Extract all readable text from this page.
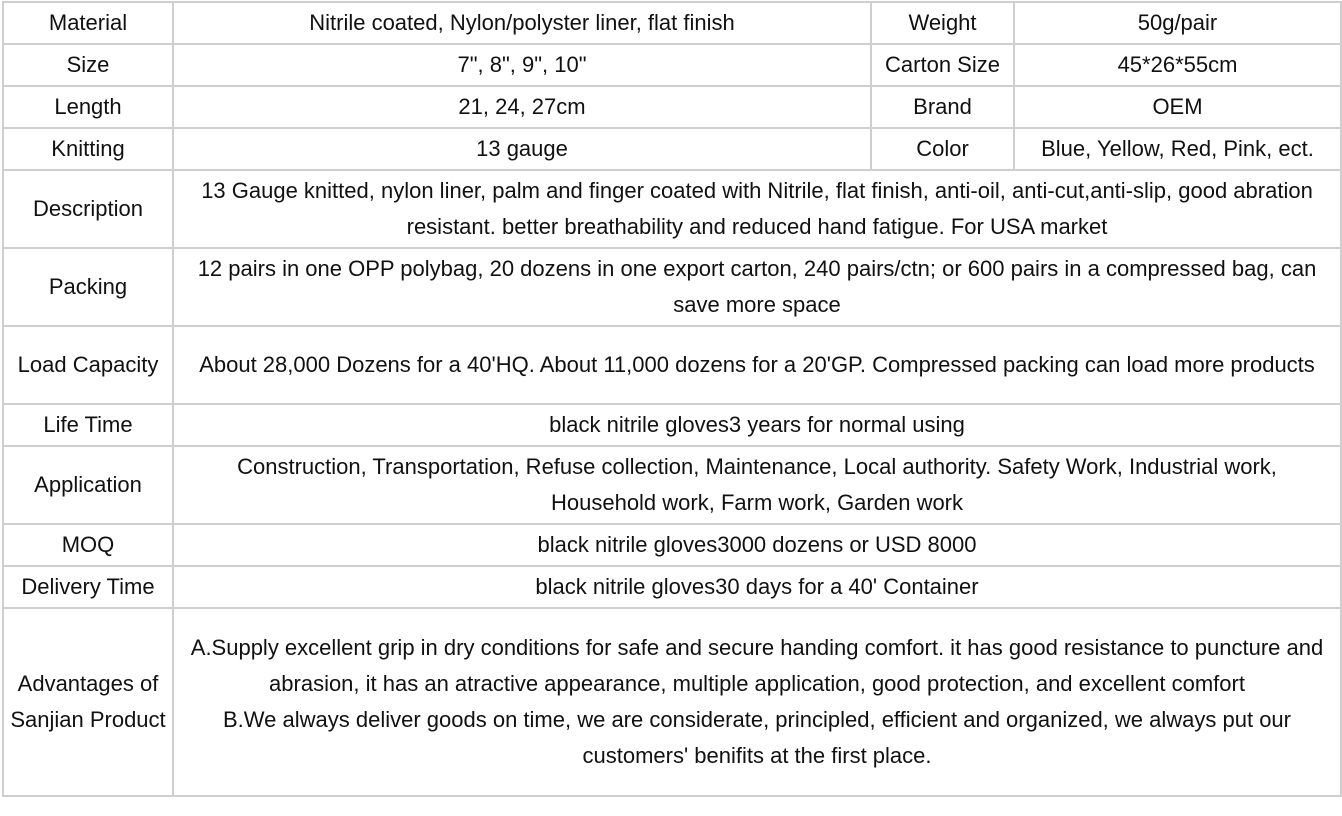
Material	Nitrile coated, Nylon/polyster liner, flat finish	Weight	50g/pair
Size	7", 8", 9", 10"	Carton Size	45*26*55cm
Length	21, 24, 27cm	Brand	OEM
Knitting	13 gauge	Color	Blue, Yellow, Red, Pink, ect.
Description	13 Gauge knitted, nylon liner, palm and finger coated with Nitrile, flat finish, anti-oil, anti-cut,anti-slip, good abration resistant. better breathability and reduced hand fatigue. For USA market		
Packing	12 pairs in one OPP polybag, 20 dozens in one export carton, 240 pairs/ctn; or 600 pairs in a compressed bag, can save more space		
Load Capacity	About 28,000 Dozens for a 40'HQ. About 11,000 dozens for a 20'GP. Compressed packing can load more products		
Life Time	black nitrile gloves3 years for normal using		
Application	Construction, Transportation, Refuse collection, Maintenance, Local authority. Safety Work, Industrial work, Household work, Farm work, Garden work		
MOQ	black nitrile gloves3000 dozens or USD 8000		
Delivery Time	black nitrile gloves30 days for a 40' Container		
Advantages of Sanjian Product	A.Supply excellent grip in dry conditions for safe and secure handing comfort. it has good resistance to puncture and abrasion, it has an atractive appearance, multiple application, good protection, and excellent comfort
B.We always deliver goods on time, we are considerate, principled, efficient and organized, we always put our customers' benifits at the first place.		
